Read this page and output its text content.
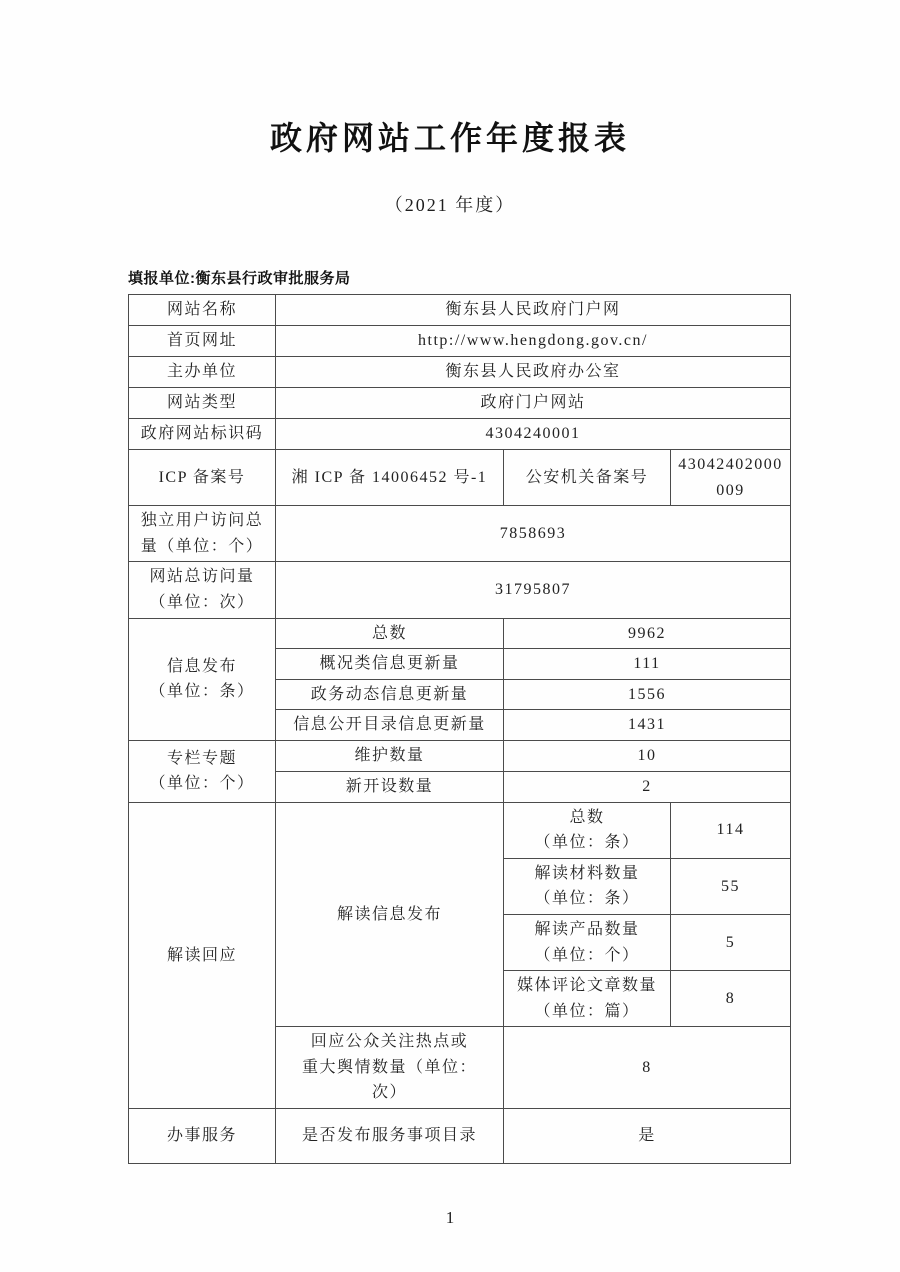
政府网站工作年度报表
（2021 年度）
填报单位:衡东县行政审批服务局
网站名称	衡东县人民政府门户网		
首页网址	http://www.hengdong.gov.cn/		
主办单位	衡东县人民政府办公室		
网站类型	政府门户网站		
政府网站标识码	4304240001		
ICP 备案号	湘 ICP 备 14006452 号-1	公安机关备案号	43042402000009
独立用户访问总
量（单位：个）	7858693		
网站总访问量
（单位：次）	31795807		
信息发布
（单位：条）	总数	9962	
	概况类信息更新量	111	
	政务动态信息更新量	1556	
	信息公开目录信息更新量	1431	
专栏专题
（单位：个）	维护数量	10	
	新开设数量	2	
解读回应	解读信息发布	总数
（单位：条）	114
		解读材料数量
（单位：条）	55
		解读产品数量
（单位：个）	5
		媒体评论文章数量
（单位：篇）	8
	回应公众关注热点或
重大舆情数量（单位：
次）	8	
办事服务	是否发布服务事项目录	是	
1
